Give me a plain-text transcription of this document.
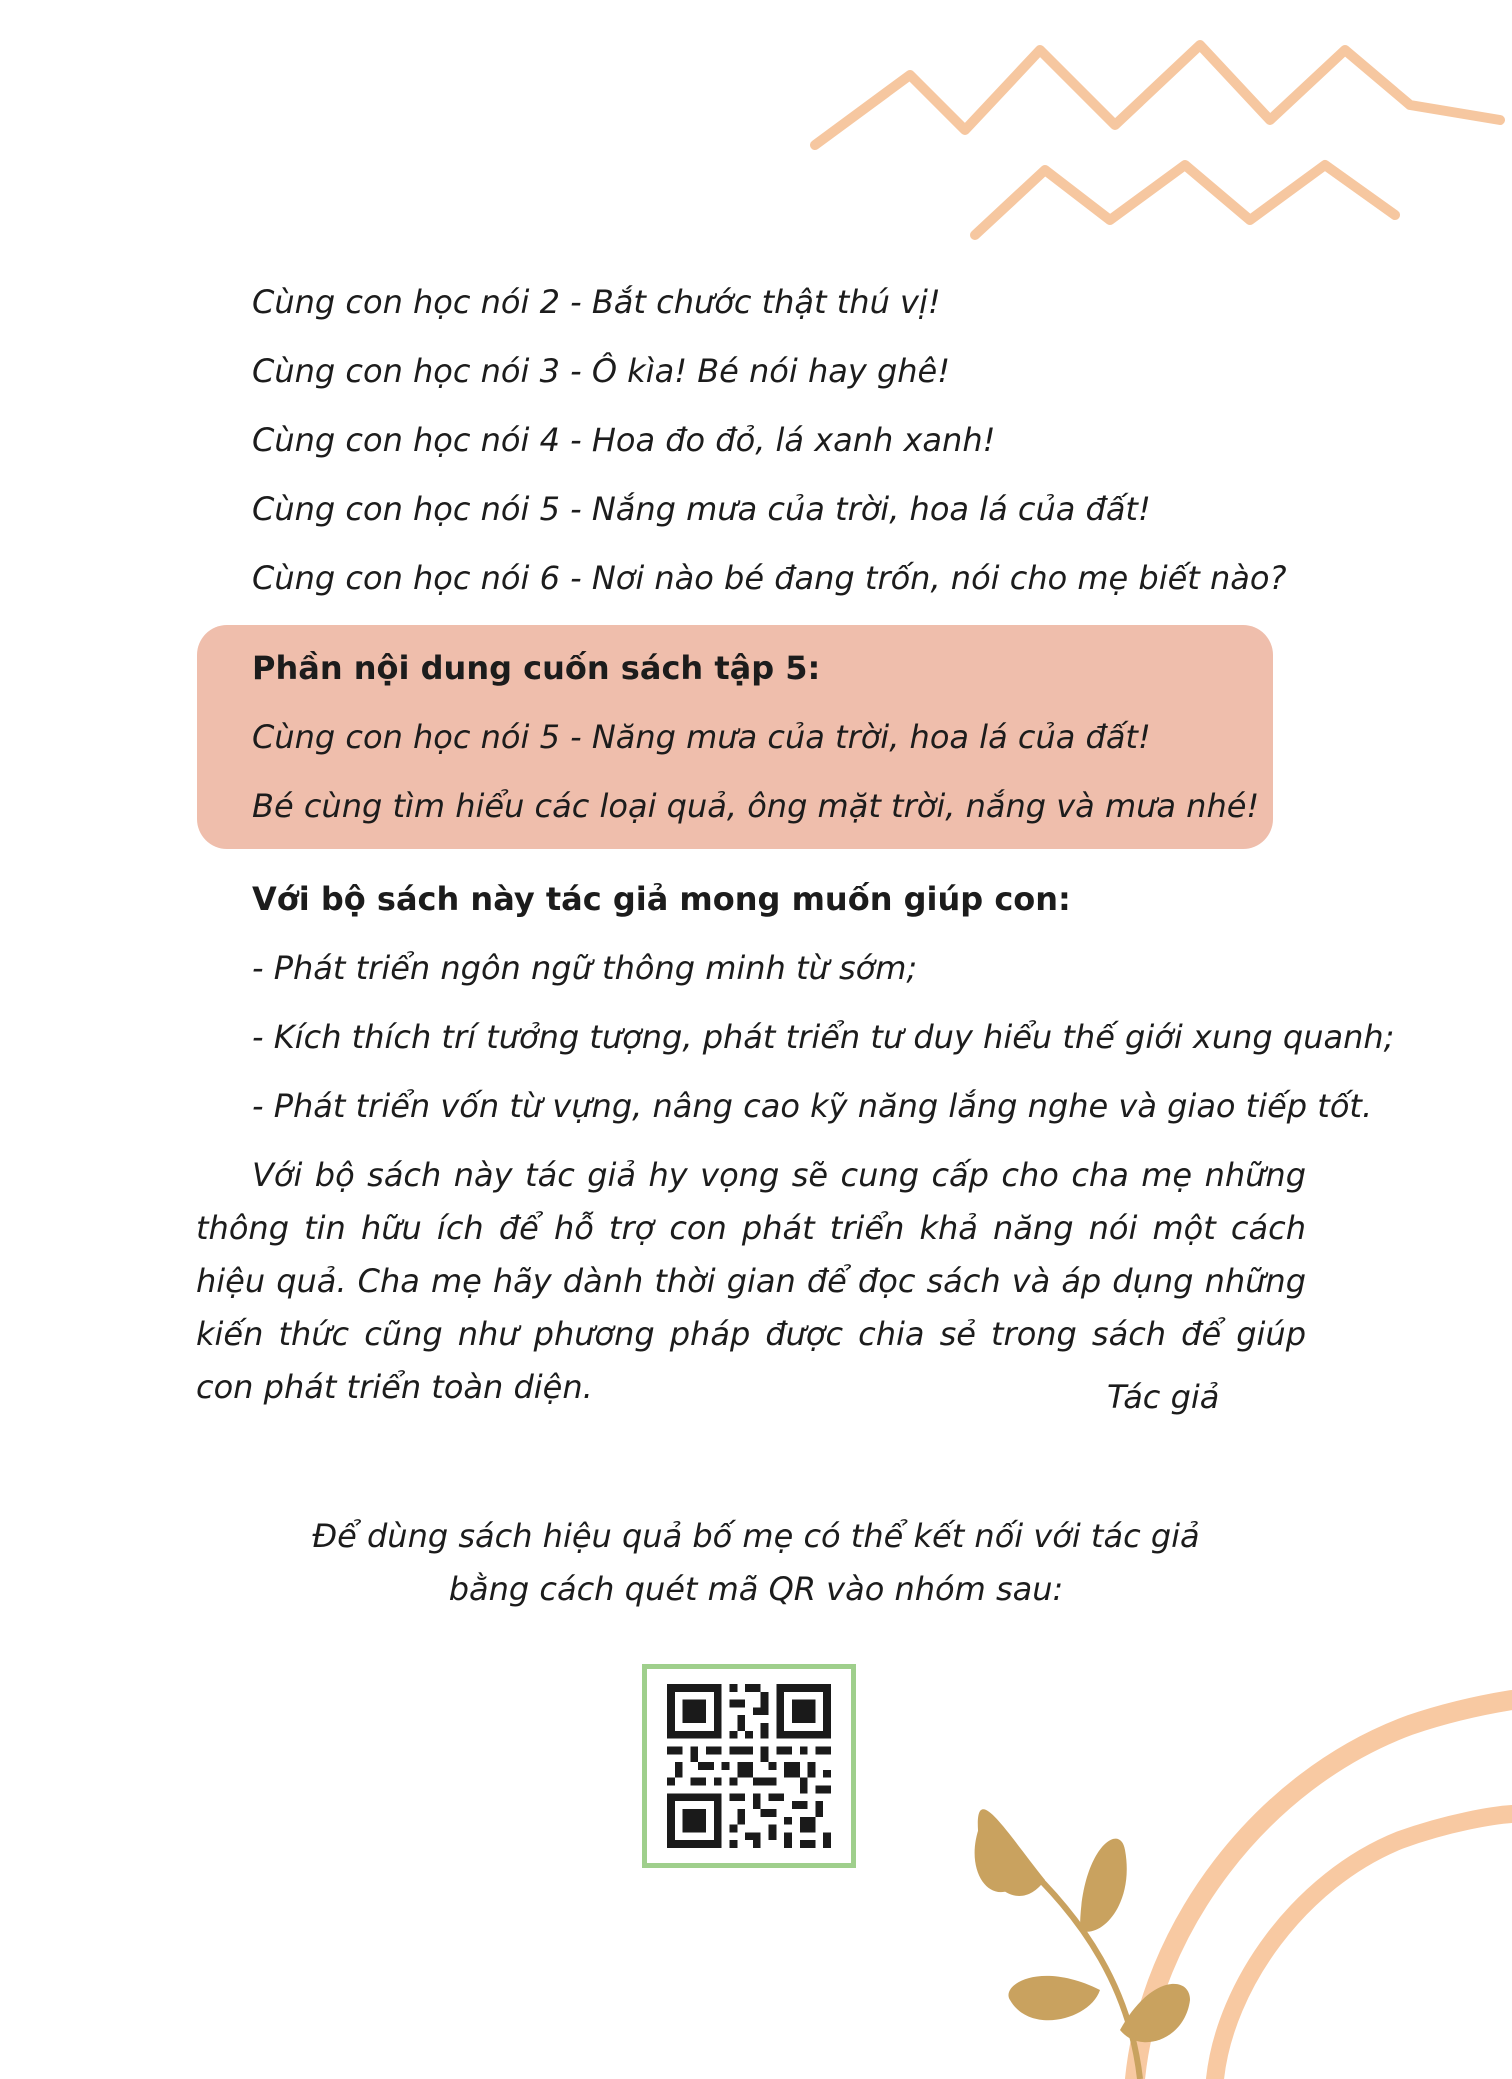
Cùng con học nói 2 - Bắt chước thật thú vị!

Cùng con học nói 3 - Ô kìa! Bé nói hay ghê!

Cùng con học nói 4 - Hoa đo đỏ, lá xanh xanh!

Cùng con học nói 5 - Nắng mưa của trời, hoa lá của đất!

Cùng con học nói 6 - Nơi nào bé đang trốn, nói cho mẹ biết nào?

Phần nội dung cuốn sách tập 5:

Cùng con học nói 5 - Năng mưa của trời, hoa lá của đất!

Bé cùng tìm hiểu các loại quả, ông mặt trời, nắng và mưa nhé!

Với bộ sách này tác giả mong muốn giúp con:

- Phát triển ngôn ngữ thông minh từ sớm;

- Kích thích trí tưởng tượng, phát triển tư duy hiểu thế giới xung quanh;

- Phát triển vốn từ vựng, nâng cao kỹ năng lắng nghe và giao tiếp tốt.

Với bộ sách này tác giả hy vọng sẽ cung cấp cho cha mẹ những thông tin hữu ích để hỗ trợ con phát triển khả năng nói một cách hiệu quả. Cha mẹ hãy dành thời gian để đọc sách và áp dụng những kiến thức cũng như phương pháp được chia sẻ trong sách để giúp con phát triển toàn diện.	Tác giả

Để dùng sách hiệu quả bố mẹ có thể kết nối với tác giả

bằng cách quét mã QR vào nhóm sau:
